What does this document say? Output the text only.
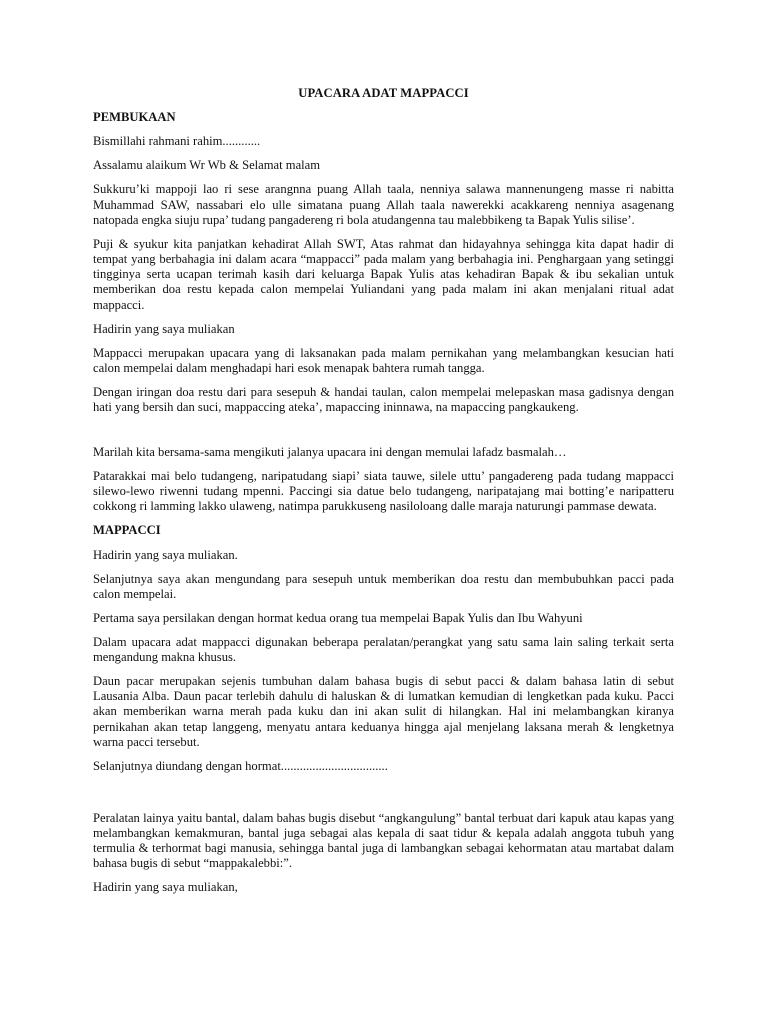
UPACARA ADAT MAPPACCI
PEMBUKAAN

Bismillahi rahmani rahim............

Assalamu alaikum Wr Wb & Selamat malam

Sukkuru’ki mappoji lao ri sese arangnna puang Allah taala, nenniya salawa mannenungeng masse ri nabitta Muhammad SAW, nassabari elo ulle simatana puang Allah taala nawerekki acakkareng nenniya asagenang natopada engka siuju rupa’ tudang pangadereng ri bola atudangenna tau malebbikeng ta Bapak Yulis silise’.

Puji & syukur kita panjatkan kehadirat Allah SWT, Atas rahmat dan hidayahnya sehingga kita dapat hadir di tempat yang berbahagia ini dalam acara “mappacci” pada malam yang berbahagia ini. Penghargaan yang setinggi tingginya serta ucapan terimah kasih dari keluarga Bapak Yulis atas kehadiran Bapak & ibu sekalian untuk memberikan doa restu kepada calon mempelai Yuliandani yang pada malam ini akan menjalani ritual adat mappacci.

Hadirin yang saya muliakan

Mappacci merupakan upacara yang di laksanakan pada malam pernikahan yang melambangkan kesucian hati calon mempelai dalam menghadapi hari esok menapak bahtera rumah tangga.

Dengan iringan doa restu dari para sesepuh & handai taulan, calon mempelai melepaskan masa gadisnya dengan hati yang bersih dan suci, mappaccing ateka’, mapaccing ininnawa, na mapaccing pangkaukeng.

Marilah kita bersama-sama mengikuti jalanya upacara ini dengan memulai lafadz basmalah…

Patarakkai mai belo tudangeng, naripatudang siapi’ siata tauwe, silele uttu’ pangadereng pada tudang mappacci silewo-lewo riwenni tudang mpenni. Paccingi sia datue belo tudangeng, naripatajang mai botting’e naripatteru cokkong ri lamming lakko ulaweng, natimpa parukkuseng nasiloloang dalle maraja naturungi pammase dewata.

MAPPACCI

Hadirin yang saya muliakan.

Selanjutnya saya akan mengundang para sesepuh untuk memberikan doa restu dan membubuhkan pacci pada calon mempelai.

Pertama saya persilakan dengan hormat kedua orang tua mempelai Bapak Yulis dan Ibu Wahyuni

Dalam upacara adat mappacci digunakan beberapa peralatan/perangkat yang satu sama lain saling terkait serta mengandung makna khusus.

Daun pacar merupakan sejenis tumbuhan dalam bahasa bugis di sebut pacci & dalam bahasa latin di sebut Lausania Alba. Daun pacar terlebih dahulu di haluskan & di lumatkan kemudian di lengketkan pada kuku. Pacci akan memberikan warna merah pada kuku dan ini akan sulit di hilangkan. Hal ini melambangkan kiranya pernikahan akan tetap langgeng, menyatu antara keduanya hingga ajal menjelang laksana merah & lengketnya warna pacci tersebut.

Selanjutnya diundang dengan hormat..................................

Peralatan lainya yaitu bantal, dalam bahas bugis disebut “angkangulung” bantal terbuat dari kapuk atau kapas yang melambangkan kemakmuran, bantal juga sebagai alas kepala di saat tidur & kepala adalah anggota tubuh yang termulia & terhormat bagi manusia, sehingga bantal juga di lambangkan sebagai kehormatan atau martabat dalam bahasa bugis di sebut “mappakalebbi:”.

Hadirin yang saya muliakan,
